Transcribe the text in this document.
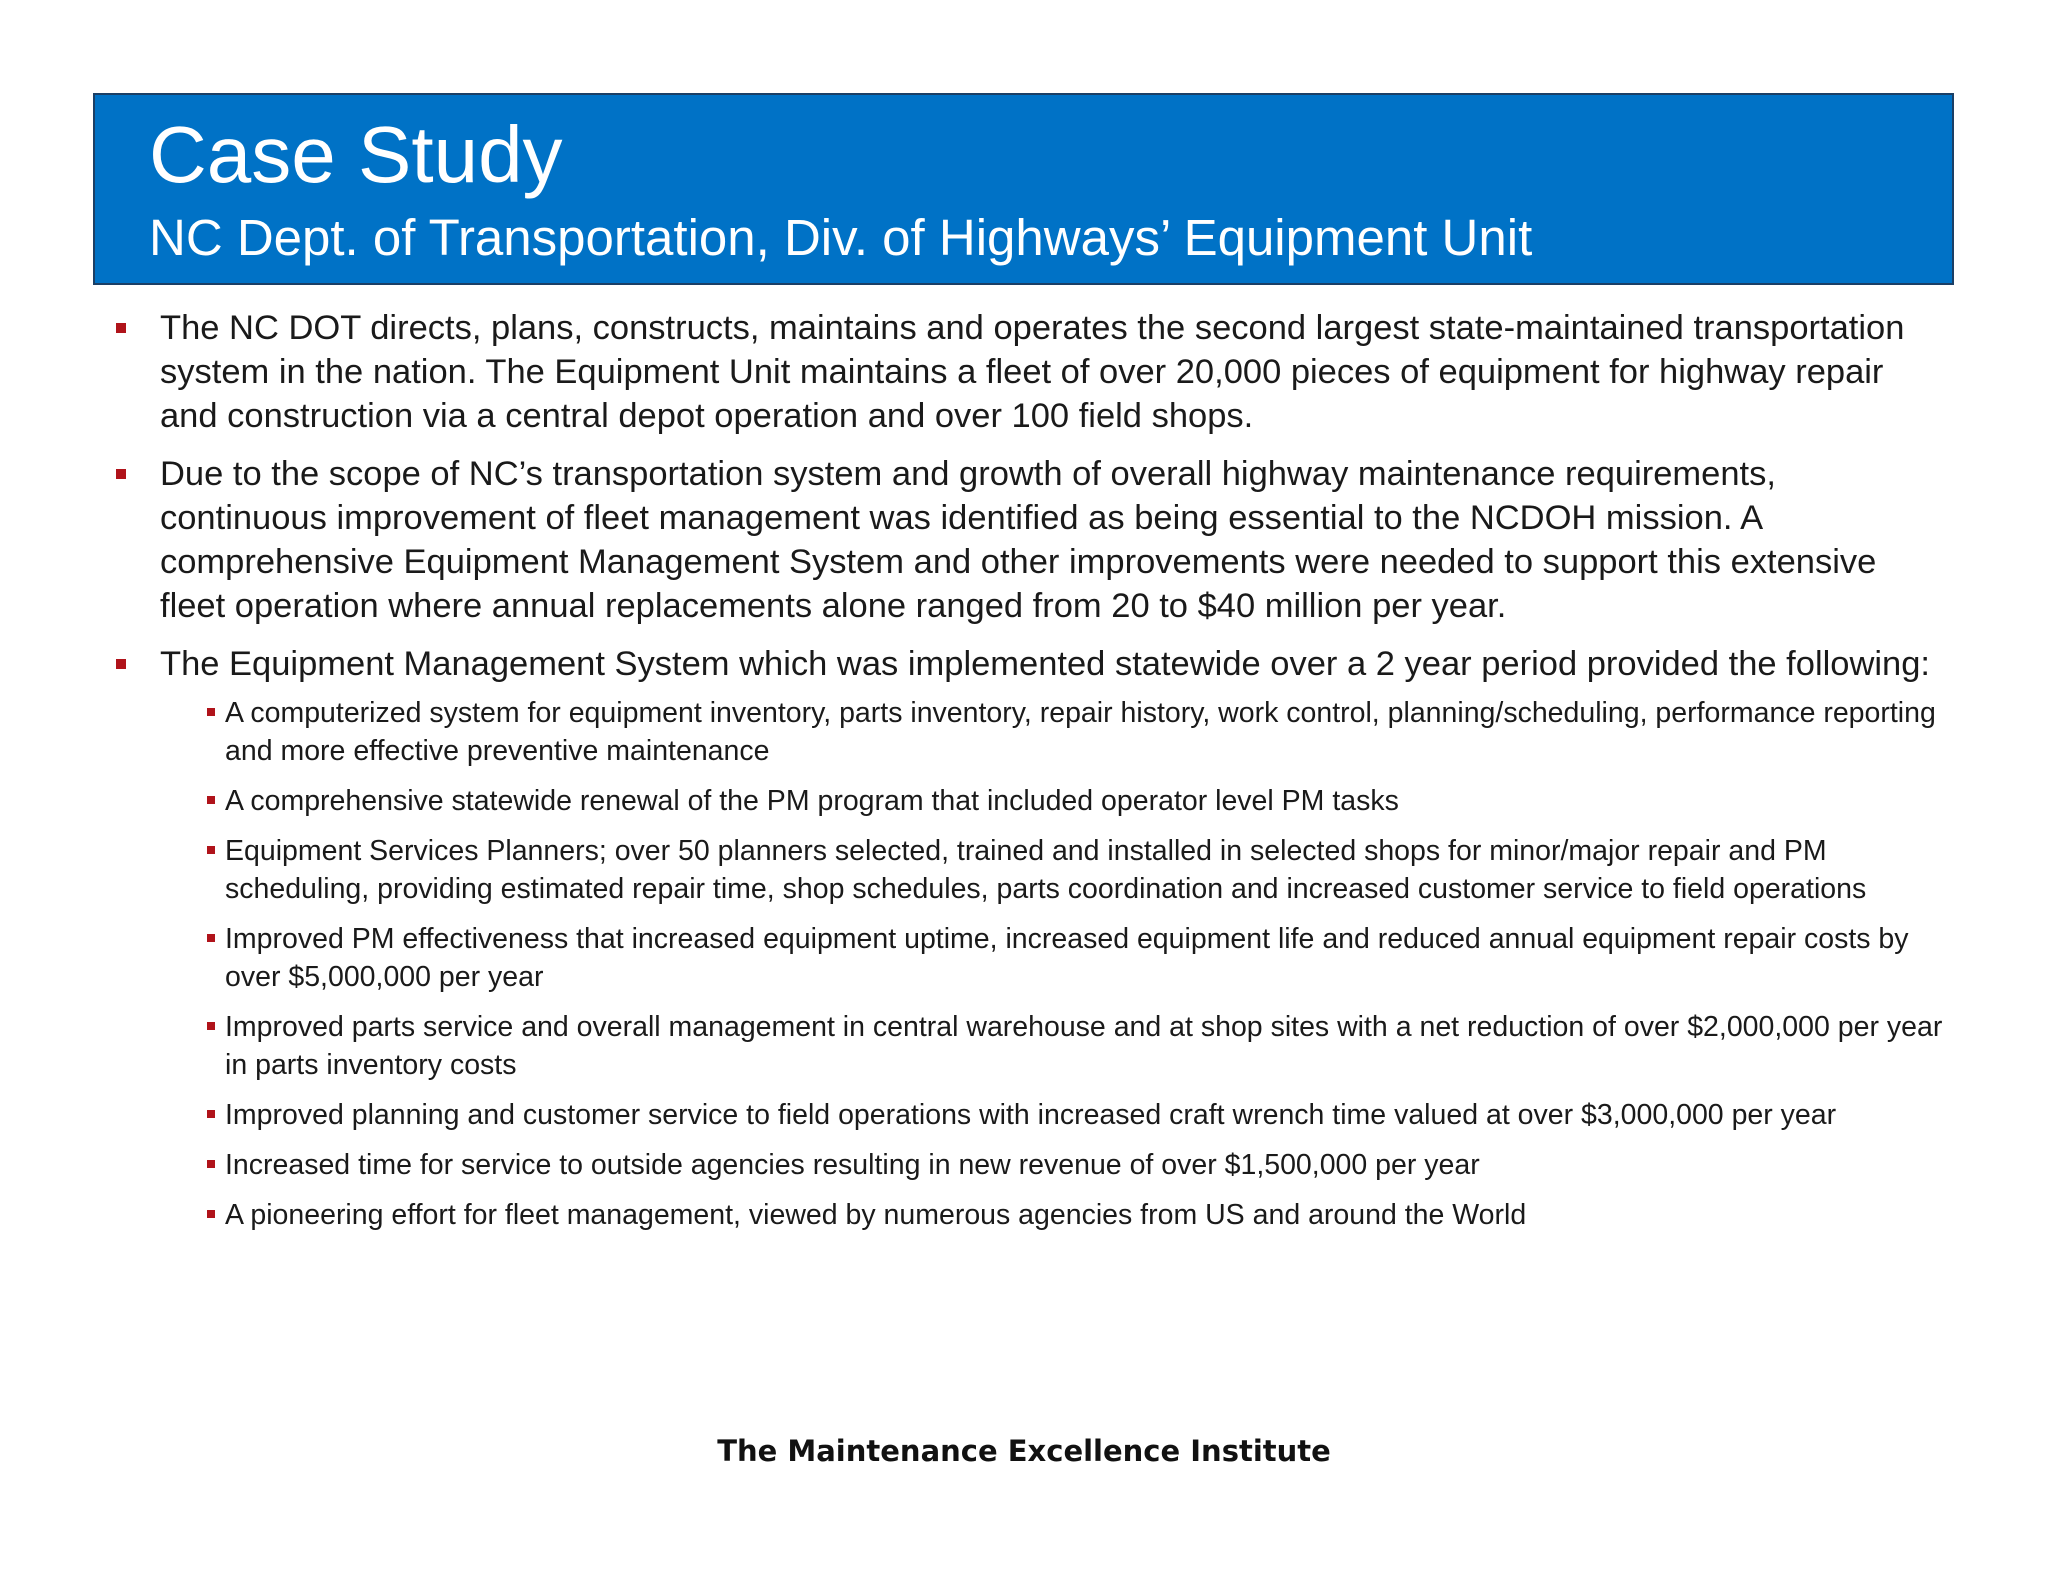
Case Study
NC Dept. of Transportation, Div. of Highways’ Equipment Unit
The NC DOT directs, plans, constructs, maintains and operates the second largest state-maintained transportation system in the nation. The Equipment Unit maintains a fleet of over 20,000 pieces of equipment for highway repair and construction via a central depot operation and over 100 field shops.
Due to the scope of NC’s transportation system and growth of overall highway maintenance requirements, continuous improvement of fleet management was identified as being essential to the NCDOH mission. A comprehensive Equipment Management System and other improvements were needed to support this extensive fleet operation where annual replacements alone ranged from 20 to $40 million per year.
The Equipment Management System which was implemented statewide over a 2 year period provided the following:
A computerized system for equipment inventory, parts inventory, repair history, work control, planning/scheduling, performance reporting and more effective preventive maintenance
A comprehensive statewide renewal of the PM program that included operator level PM tasks
Equipment Services Planners; over 50 planners selected, trained and installed in selected shops for minor/major repair and PM scheduling, providing estimated repair time, shop schedules, parts coordination and increased customer service to field operations
Improved PM effectiveness that increased equipment uptime, increased equipment life and reduced annual equipment repair costs by over $5,000,000 per year
Improved parts service and overall management in central warehouse and at shop sites with a net reduction of over $2,000,000 per year in parts inventory costs
Improved planning and customer service to field operations with increased craft wrench time valued at over $3,000,000 per year
Increased time for service to outside agencies resulting in new revenue of over $1,500,000 per year
A pioneering effort for fleet management, viewed by numerous agencies from US and around the World
The Maintenance Excellence Institute
